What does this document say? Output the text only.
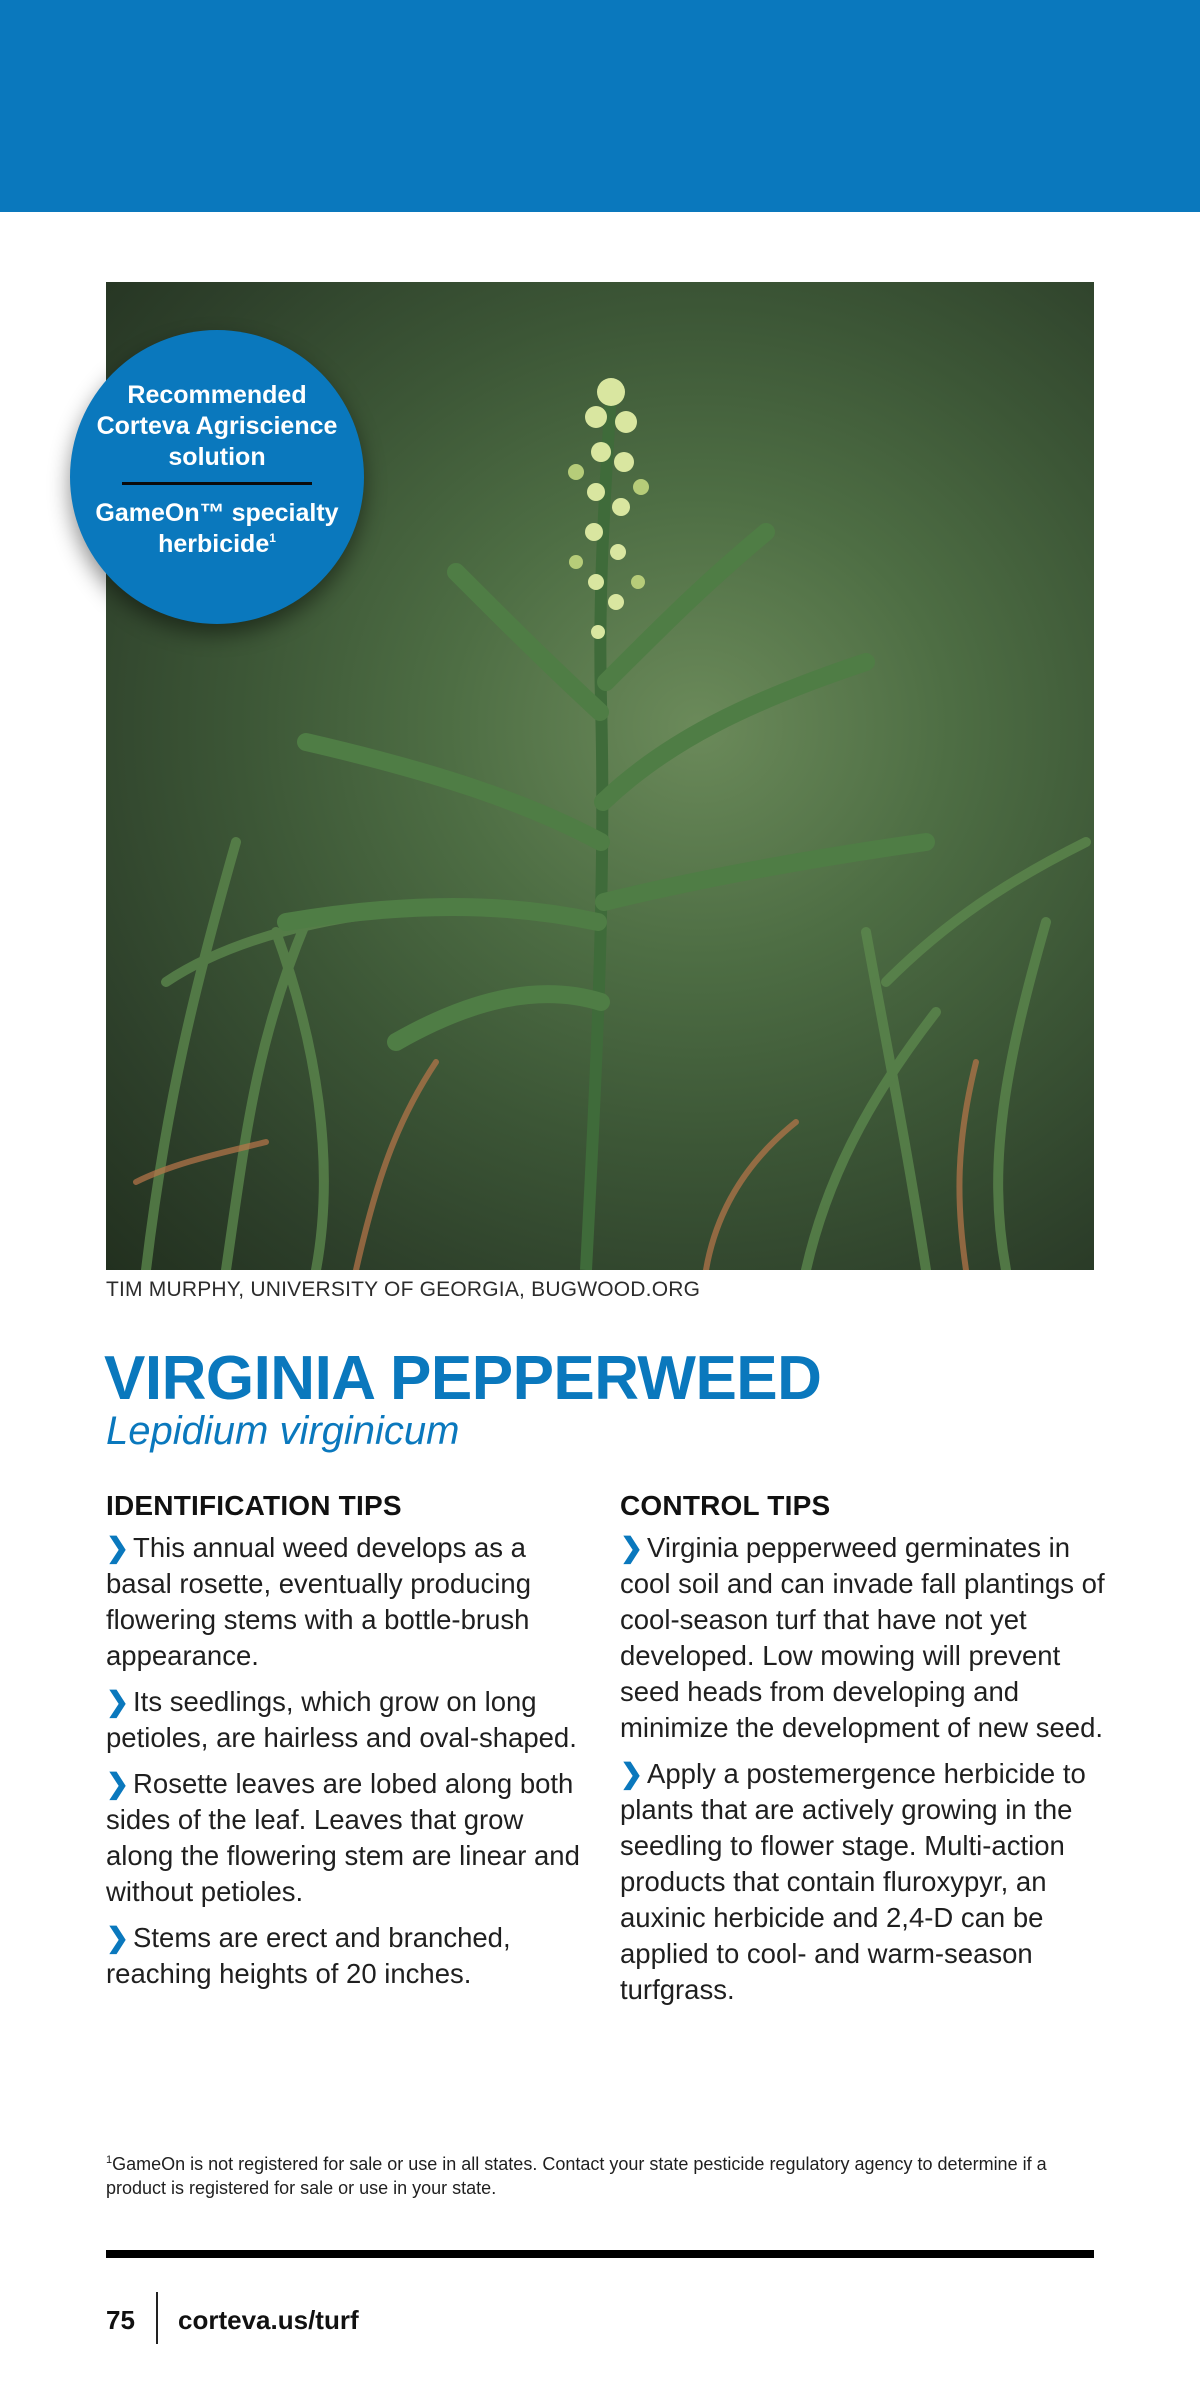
Recommended
Corteva Agriscience
solution
GameOn™ specialty
herbicide$^1$
TIM MURPHY, UNIVERSITY OF GEORGIA, BUGWOOD.ORG
VIRGINIA PEPPERWEED
Lepidium virginicum
IDENTIFICATION TIPS

❯ This annual weed develops as a basal rosette, eventually producing flowering stems with a bottle-brush appearance.

❯ Its seedlings, which grow on long petioles, are hairless and oval-shaped.

❯ Rosette leaves are lobed along both sides of the leaf. Leaves that grow along the flowering stem are linear and without petioles.

❯ Stems are erect and branched, reaching heights of 20 inches.

CONTROL TIPS

❯ Virginia pepperweed germinates in cool soil and can invade fall plantings of cool-season turf that have not yet developed. Low mowing will prevent seed heads from developing and minimize the development of new seed.

❯ Apply a postemergence herbicide to plants that are actively growing in the seedling to flower stage. Multi-action products that contain fluroxypyr, an auxinic herbicide and 2,4-D can be applied to cool- and warm-season turfgrass.

$^1$GameOn is not registered for sale or use in all states. Contact your state pesticide regulatory agency to determine if a product is registered for sale or use in your state.
75 corteva.us/turf
